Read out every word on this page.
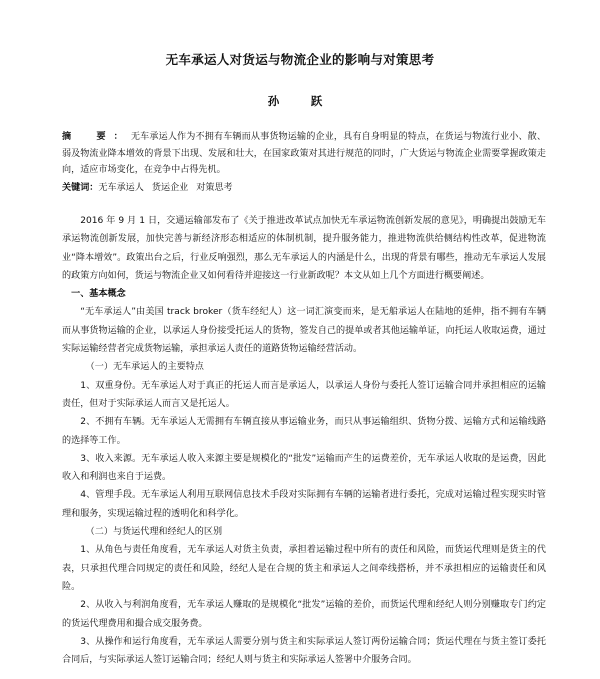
无车承运人对货运与物流企业的影响与对策思考
孙　跃
摘　要：无车承运人作为不拥有车辆而从事货物运输的企业，具有自身明显的特点，在货运与物流行业小、散、弱及物流业降本增效的背景下出现、发展和壮大，在国家政策对其进行规范的同时，广大货运与物流企业需要掌握政策走向，适应市场变化，在竞争中占得先机。
关键词：无车承运人 货运企业 对策思考

2016 年 9 月 1 日，交通运输部发布了《关于推进改革试点加快无车承运物流创新发展的意见》，明确提出鼓励无车承运物流创新发展，加快完善与新经济形态相适应的体制机制，提升服务能力，推进物流供给侧结构性改革，促进物流业“降本增效”。政策出台之后，行业反响强烈，那么无车承运人的内涵是什么，出现的背景有哪些，推动无车承运人发展的政策方向如何，货运与物流企业又如何看待并迎接这一行业新政呢？本文从如上几个方面进行概要阐述。

一、基本概念

“无车承运人”由美国 track broker（货车经纪人）这一词汇演变而来，是无船承运人在陆地的延伸，指不拥有车辆而从事货物运输的企业，以承运人身份接受托运人的货物，签发自己的提单或者其他运输单证，向托运人收取运费，通过实际运输经营者完成货物运输，承担承运人责任的道路货物运输经营活动。

（一）无车承运人的主要特点

1、双重身份。无车承运人对于真正的托运人而言是承运人，以承运人身份与委托人签订运输合同并承担相应的运输责任，但对于实际承运人而言又是托运人。

2、不拥有车辆。无车承运人无需拥有车辆直接从事运输业务，而只从事运输组织、货物分拨、运输方式和运输线路的选择等工作。

3、收入来源。无车承运人收入来源主要是规模化的“批发”运输而产生的运费差价，无车承运人收取的是运费，因此收入和利润也来自于运费。

4、管理手段。无车承运人利用互联网信息技术手段对实际拥有车辆的运输者进行委托，完成对运输过程实现实时管理和服务，实现运输过程的透明化和科学化。

（二）与货运代理和经纪人的区别

1、从角色与责任角度看，无车承运人对货主负责，承担着运输过程中所有的责任和风险，而货运代理则是货主的代表，只承担代理合同规定的责任和风险，经纪人是在合规的货主和承运人之间牵线搭桥，并不承担相应的运输责任和风险。

2、从收入与利润角度看，无车承运人赚取的是规模化“批发”运输的差价，而货运代理和经纪人则分别赚取专门约定的货运代理费用和撮合成交服务费。

3、从操作和运行角度看，无车承运人需要分别与货主和实际承运人签订两份运输合同；货运代理在与货主签订委托合同后，与实际承运人签订运输合同；经纪人则与货主和实际承运人签署中介服务合同。
